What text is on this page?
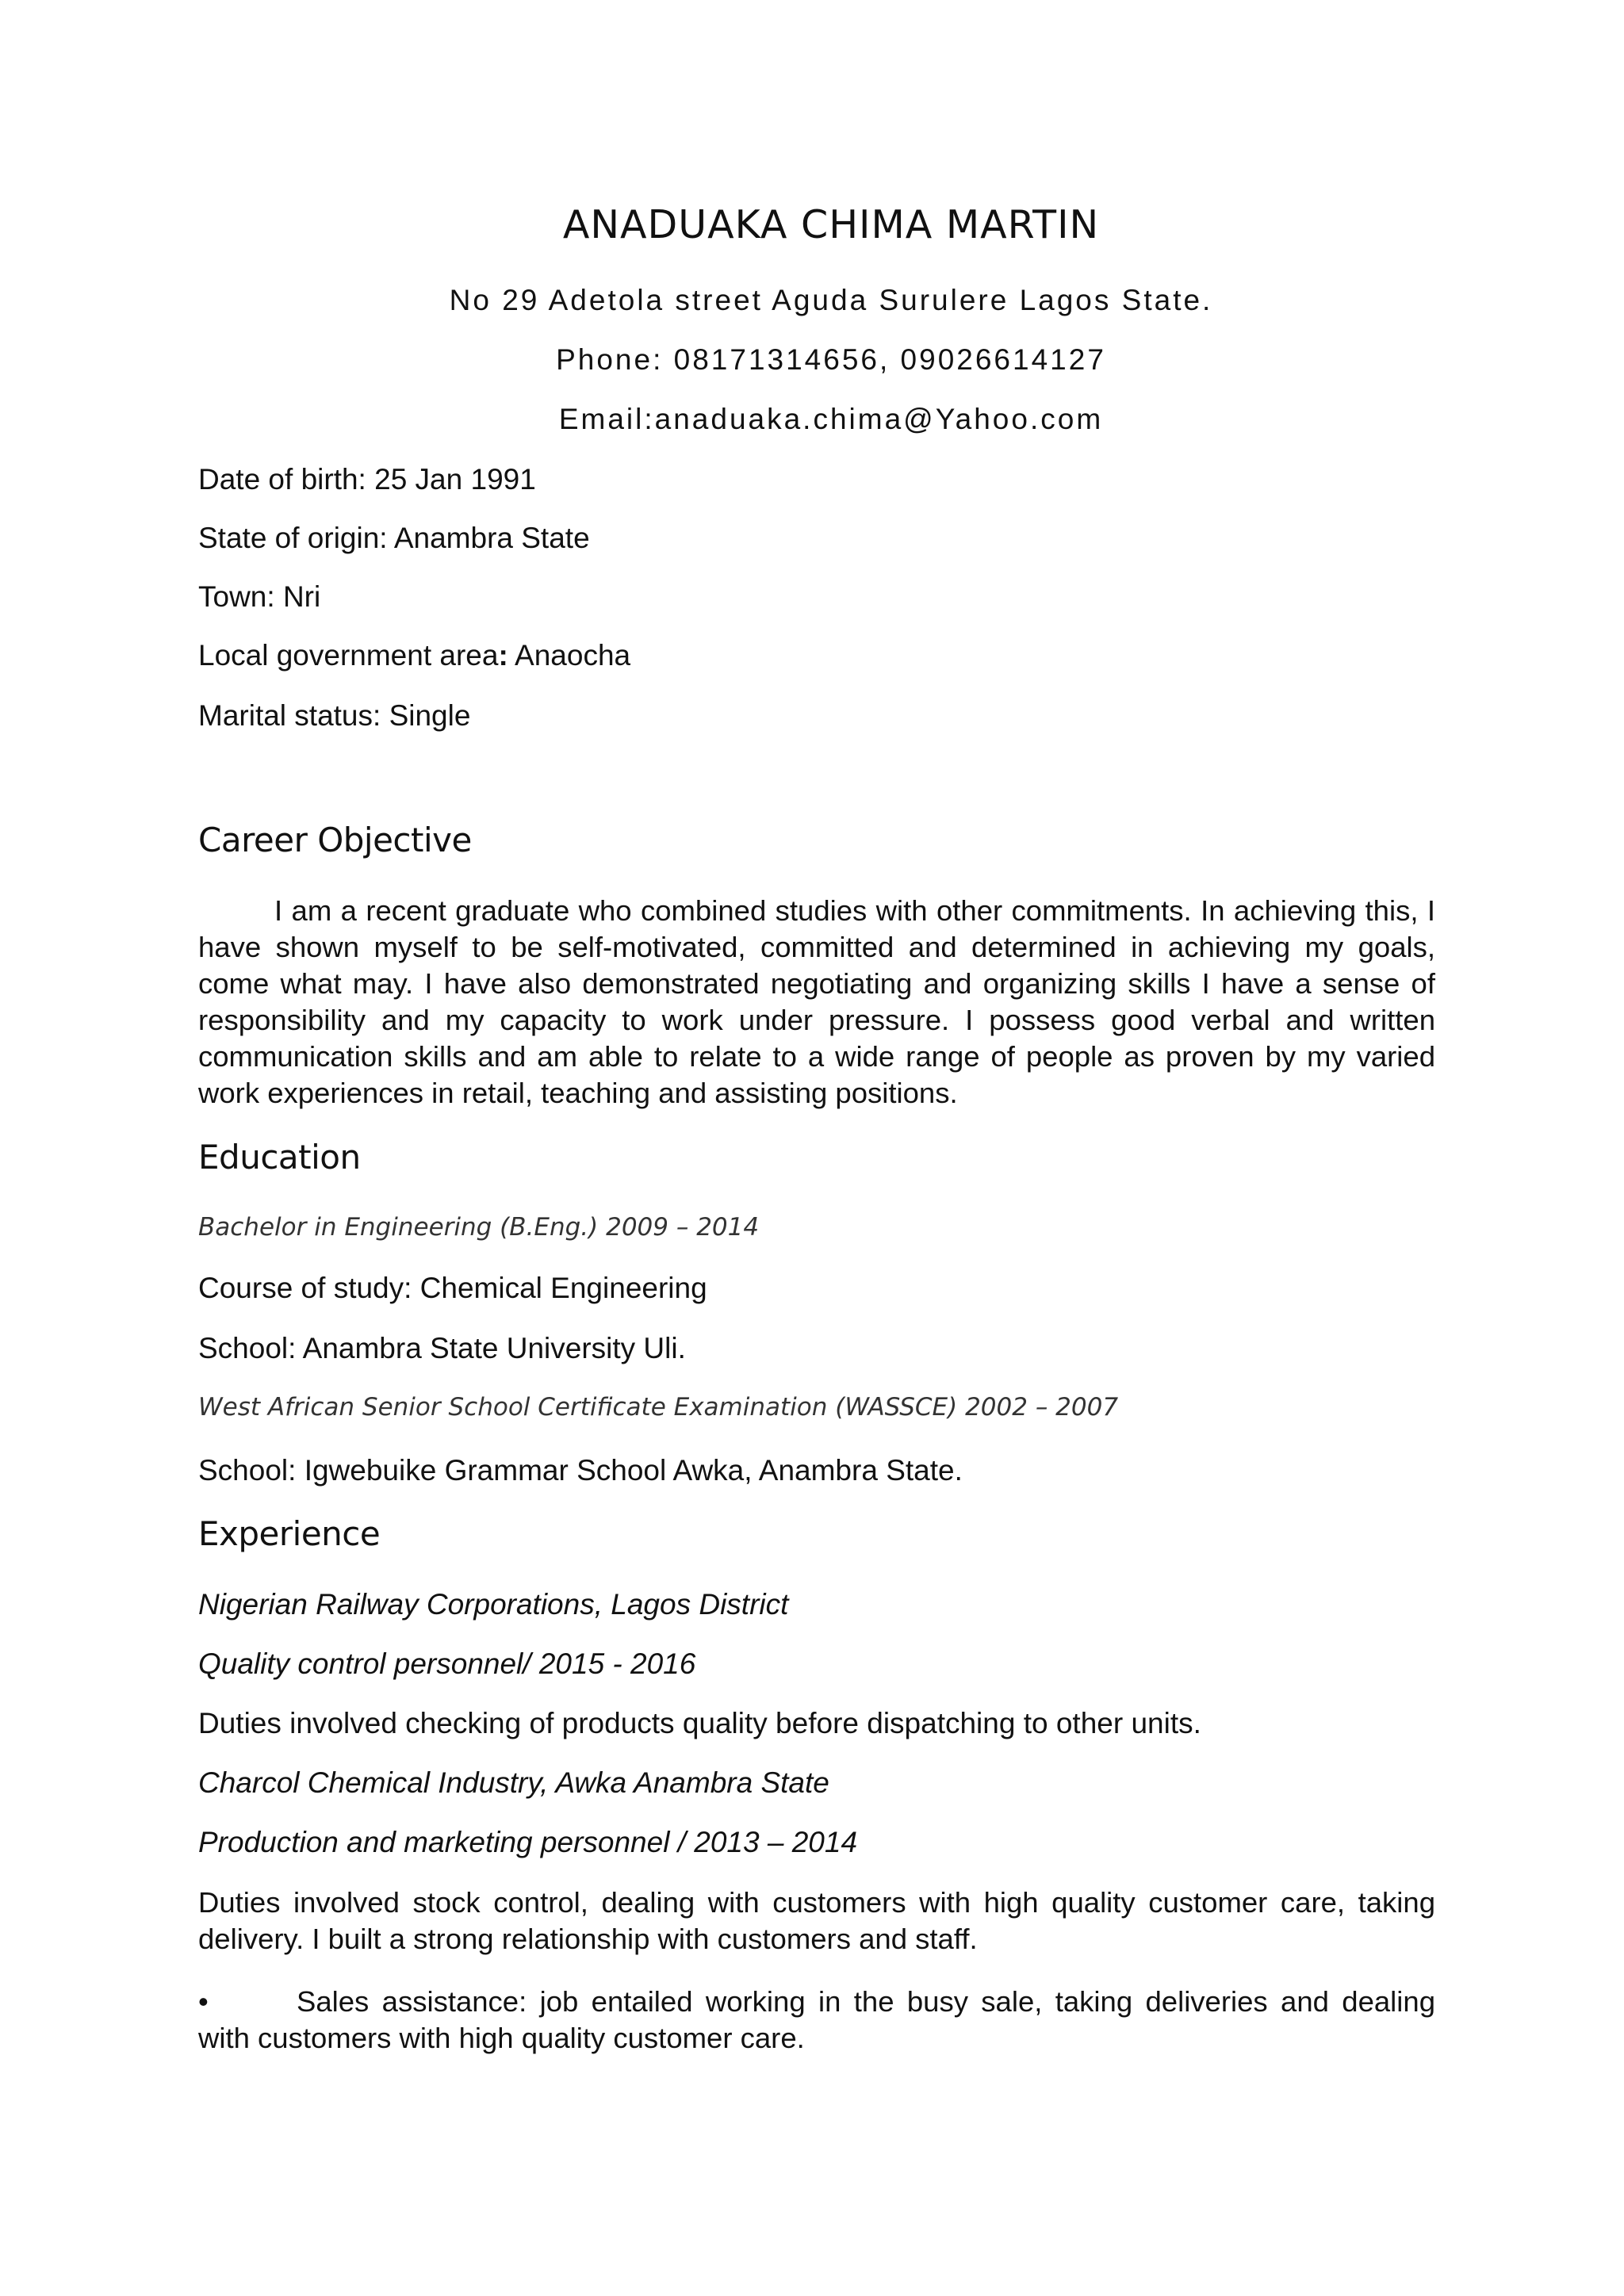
ANADUAKA CHIMA MARTIN
No 29 Adetola street Aguda Surulere Lagos State.
Phone: 08171314656, 09026614127
Email:anaduaka.chima@Yahoo.com
Date of birth: 25 Jan 1991
State of origin: Anambra State
Town: Nri
Local government area: Anaocha
Marital status: Single
Career Objective

I am a recent graduate who combined studies with other commitments. In achieving this, I have shown myself to be self-motivated, committed and determined in achieving my goals, come what may. I have also demonstrated negotiating and organizing skills I have a sense of responsibility and my capacity to work under pressure. I possess good verbal and written communication skills and am able to relate to a wide range of people as proven by my varied work experiences in retail, teaching and assisting positions.

Education
Bachelor in Engineering (B.Eng.) 2009 – 2014
Course of study: Chemical Engineering
School: Anambra State University Uli.
West African Senior School Certificate Examination (WASSCE) 2002 – 2007
School: Igwebuike Grammar School Awka, Anambra State.
Experience
Nigerian Railway Corporations, Lagos District
Quality control personnel/ 2015 - 2016
Duties involved checking of products quality before dispatching to other units.
Charcol Chemical Industry, Awka Anambra State
Production and marketing personnel / 2013 – 2014

Duties involved stock control, dealing with customers with high quality customer care, taking delivery. I built a strong relationship with customers and staff.

•	Sales assistance: job entailed working in the busy sale, taking deliveries and dealing with customers with high quality customer care.
